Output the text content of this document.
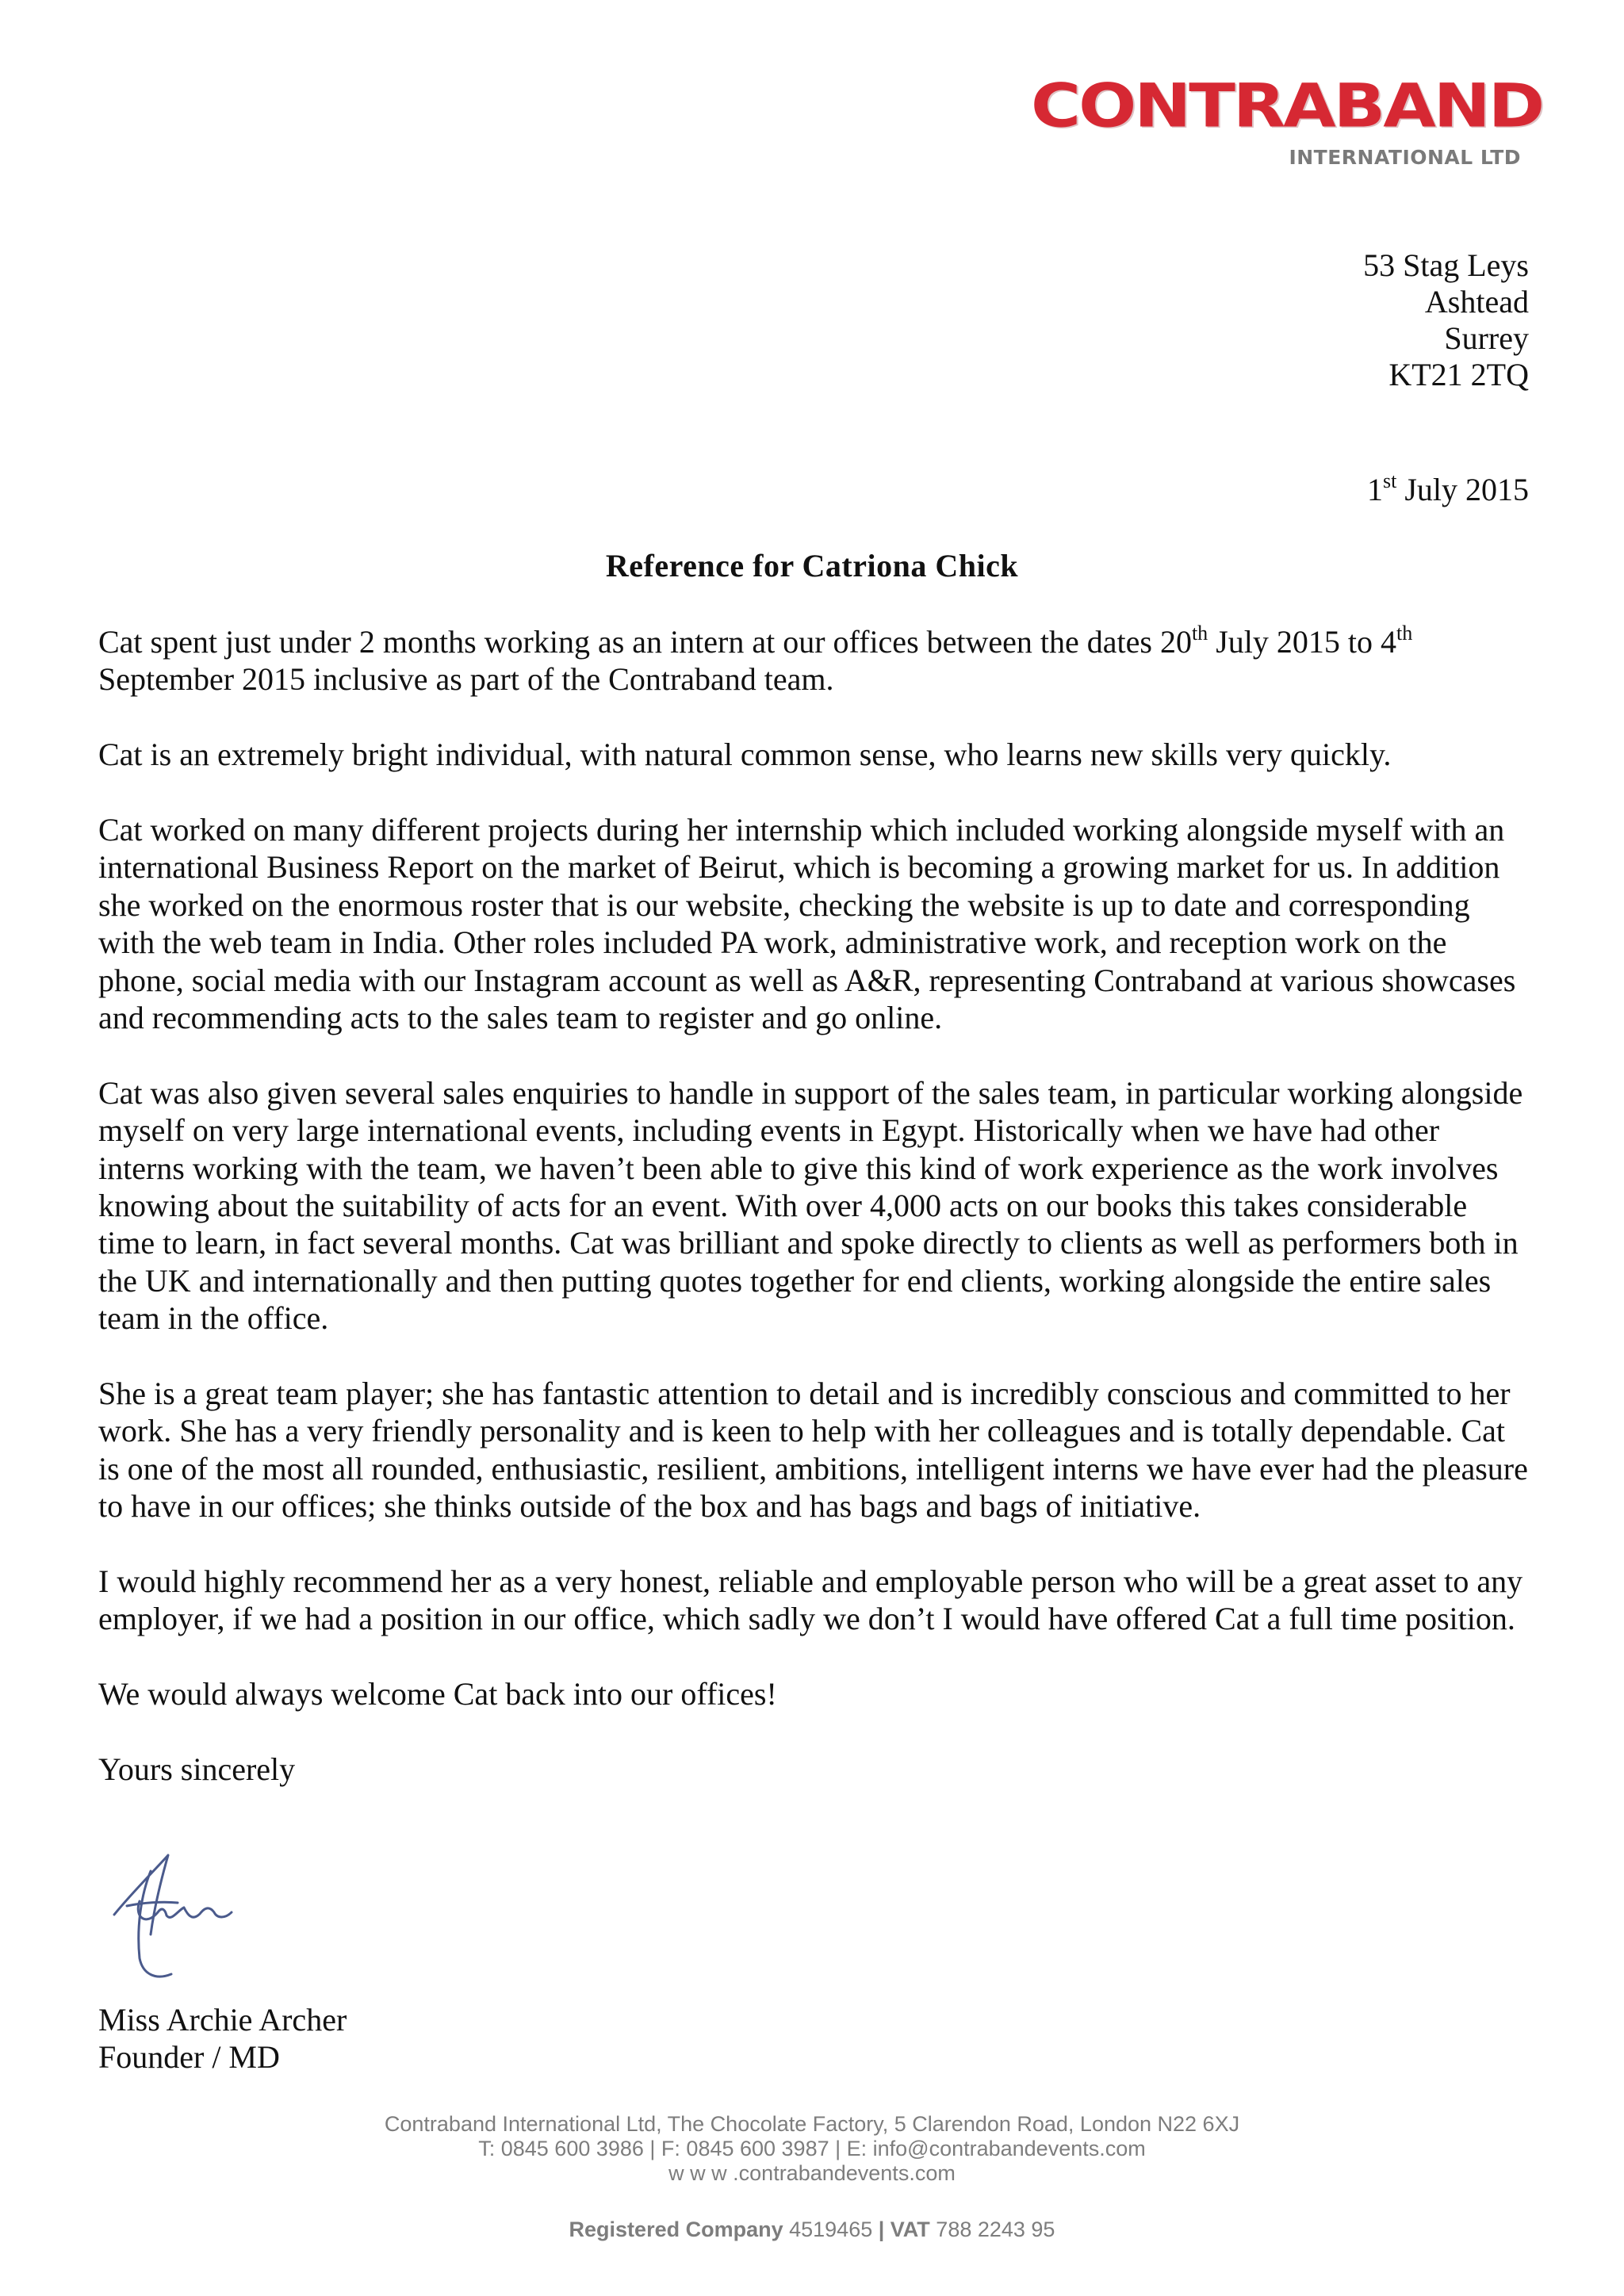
CONTRABAND
INTERNATIONAL LTD
53 Stag Leys
Ashtead
Surrey
KT21 2TQ
1st July 2015
Reference for Catriona Chick

Cat spent just under 2 months working as an intern at our offices between the dates 20th July 2015 to 4th
September 2015 inclusive as part of the Contraband team.

Cat is an extremely bright individual, with natural common sense, who learns new skills very quickly.

Cat worked on many different projects during her internship which included working alongside myself with an international Business Report on the market of Beirut, which is becoming a growing market for us. In addition she worked on the enormous roster that is our website, checking the website is up to date and corresponding with the web team in India. Other roles included PA work, administrative work, and reception work on the phone, social media with our Instagram account as well as A&R, representing Contraband at various showcases and recommending acts to the sales team to register and go online.

Cat was also given several sales enquiries to handle in support of the sales team, in particular working alongside myself on very large international events, including events in Egypt. Historically when we have had other interns working with the team, we haven’t been able to give this kind of work experience as the work involves knowing about the suitability of acts for an event. With over 4,000 acts on our books this takes considerable time to learn, in fact several months. Cat was brilliant and spoke directly to clients as well as performers both in the UK and internationally and then putting quotes together for end clients, working alongside the entire sales team in the office.

She is a great team player; she has fantastic attention to detail and is incredibly conscious and committed to her work. She has a very friendly personality and is keen to help with her colleagues and is totally dependable. Cat is one of the most all rounded, enthusiastic, resilient, ambitions, intelligent interns we have ever had the pleasure to have in our offices; she thinks outside of the box and has bags and bags of initiative.

I would highly recommend her as a very honest, reliable and employable person who will be a great asset to any employer, if we had a position in our office, which sadly we don’t I would have offered Cat a full time position.

We would always welcome Cat back into our offices!

Yours sincerely

Miss Archie Archer
Founder / MD
Contraband International Ltd, The Chocolate Factory, 5 Clarendon Road, London N22 6XJ
T: 0845 600 3986 | F: 0845 600 3987 | E: info@contrabandevents.com
w w w .contrabandevents.com
Registered Company 4519465 | VAT 788 2243 95
